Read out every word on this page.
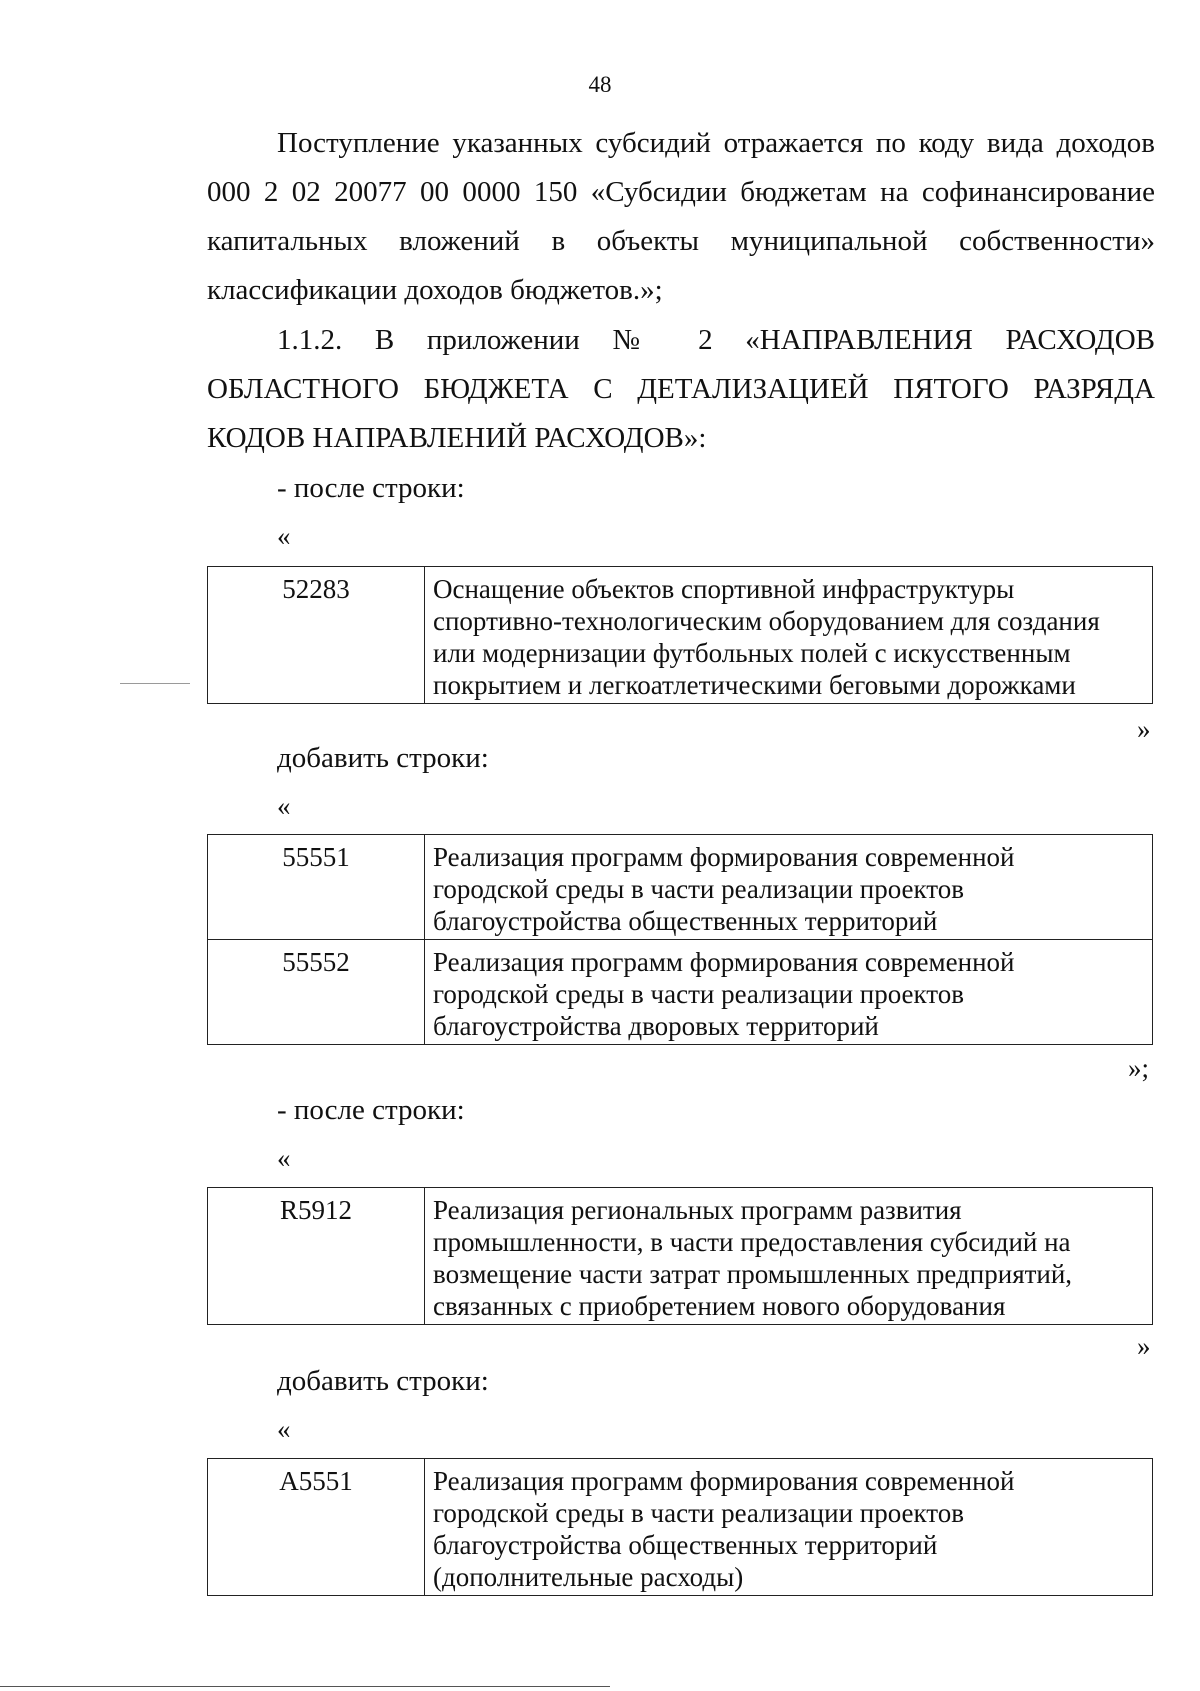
48
Поступление указанных субсидий отражается по коду вида доходов
000 2 02 20077 00 0000 150 «Субсидии бюджетам на софинансирование
капитальных вложений в объекты муниципальной собственности»
классификации доходов бюджетов.»;
1.1.2. В приложении № 2 «НАПРАВЛЕНИЯ РАСХОДОВ
ОБЛАСТНОГО БЮДЖЕТА С ДЕТАЛИЗАЦИЕЙ ПЯТОГО РАЗРЯДА
КОДОВ НАПРАВЛЕНИЙ РАСХОДОВ»:
- после строки:
«
52283	Оснащение объектов спортивной инфраструктуры
спортивно-технологическим оборудованием для создания
или модернизации футбольных полей с искусственным
покрытием и легкоатлетическими беговыми дорожками
»
добавить строки:
«
55551	Реализация программ формирования современной
городской среды в части реализации проектов
благоустройства общественных территорий

55552	Реализация программ формирования современной
городской среды в части реализации проектов
благоустройства дворовых территорий
»;
- после строки:
«
R5912	Реализация региональных программ развития
промышленности, в части предоставления субсидий на
возмещение части затрат промышленных предприятий,
связанных с приобретением нового оборудования
»
добавить строки:
«
А5551	Реализация программ формирования современной
городской среды в части реализации проектов
благоустройства общественных территорий
(дополнительные расходы)
